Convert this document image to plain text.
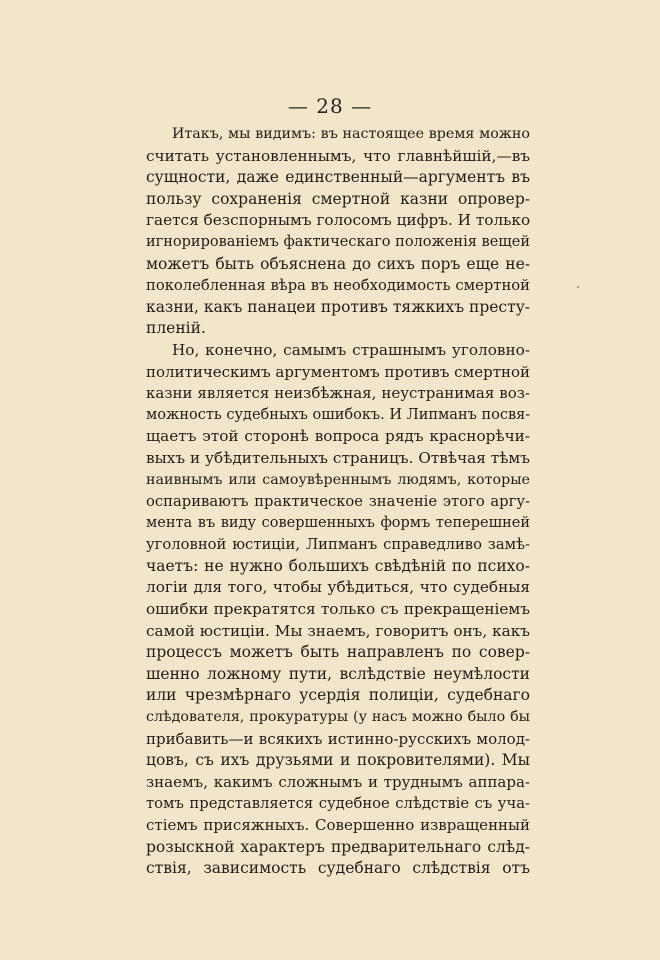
— 28 —
·
Итакъ, мы видимъ: въ настоящее время можно
считать установленнымъ, что главнѣйшiй,—въ
сущности, даже единственный—аргументъ въ
пользу сохраненiя смертной казни опровер-
гается безспорнымъ голосомъ цифръ. И только
игнорированiемъ фактическаго положенiя вещей
можетъ быть объяснена до сихъ поръ еще не-
поколебленная вѣра въ необходимость смертной
казни, какъ панацеи противъ тяжкихъ престу-
пленiй.
Но, конечно, самымъ страшнымъ уголовно-
политическимъ аргументомъ противъ смертной
казни является неизбѣжная, неустранимая воз-
можность судебныхъ ошибокъ. И Липманъ посвя-
щаетъ этой сторонѣ вопроса рядъ краснорѣчи-
выхъ и убѣдительныхъ страницъ. Отвѣчая тѣмъ
наивнымъ или самоувѣреннымъ людямъ, которые
оспариваютъ практическое значенiе этого аргу-
мента въ виду совершенныхъ формъ теперешней
уголовной юстицiи, Липманъ справедливо замѣ-
чаетъ: не нужно большихъ свѣдѣнiй по психо-
логiи для того, чтобы убѣдиться, что судебныя
ошибки прекратятся только съ прекращенiемъ
самой юстицiи. Мы знаемъ, говоритъ онъ, какъ
процессъ можетъ быть направленъ по совер-
шенно ложному пути, вслѣдствiе неумѣлости
или чрезмѣрнаго усердiя полицiи, судебнаго
слѣдователя, прокуратуры (у насъ можно было бы
прибавить—и всякихъ истинно-русскихъ молод-
цовъ, съ ихъ друзьями и покровителями). Мы
знаемъ, какимъ сложнымъ и труднымъ аппара-
томъ представляется судебное слѣдствiе съ уча-
стiемъ присяжныхъ. Совершенно извращенный
розыскной характеръ предварительнаго слѣд-
ствiя, зависимость судебнаго слѣдствiя отъ
